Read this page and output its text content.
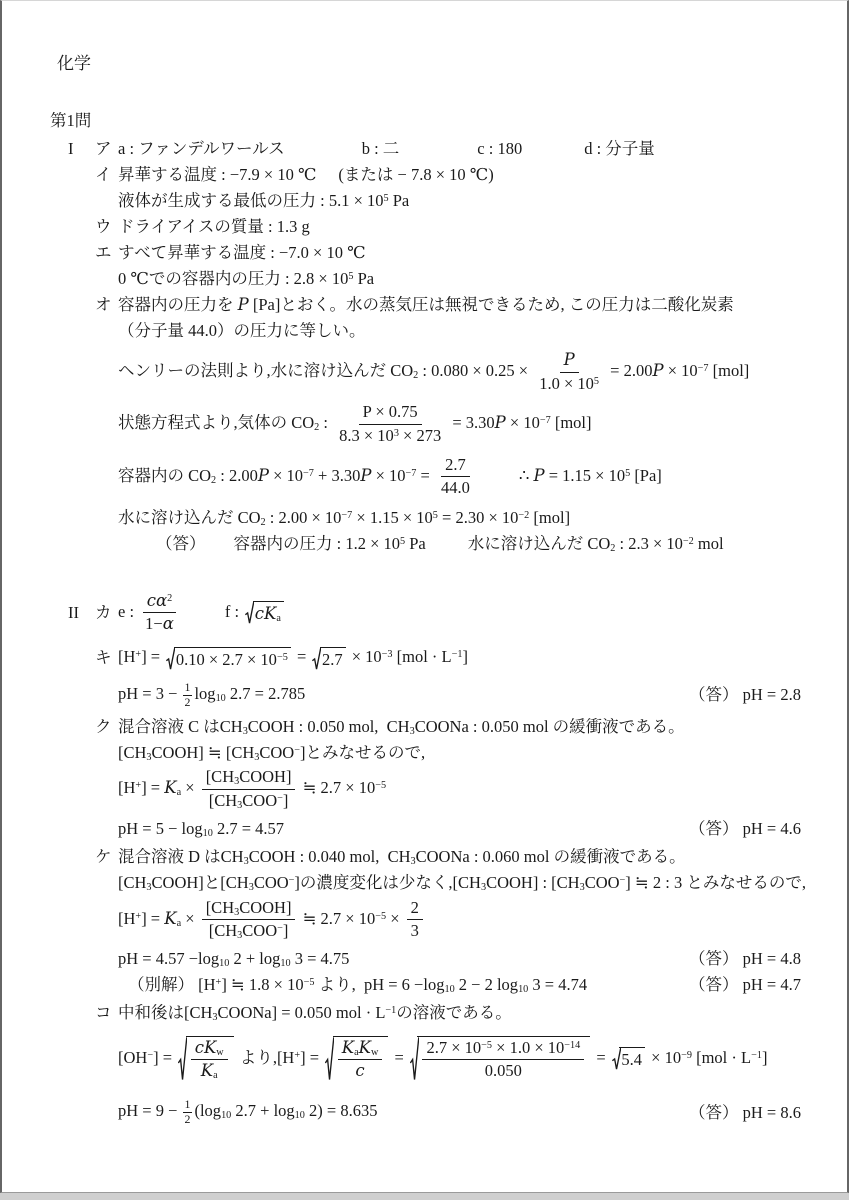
化学
第1問
I	ア a : ファンデルワールス	b : 二	c : 180	d : 分子量
イ 昇華する温度 : −7.9 × 10 ℃ (または − 7.8 × 10 ℃)
液体が生成する最低の圧力 : $5.1 \times 10^5$ Pa
ウ ドライアイスの質量 : 1.3 g
エ すべて昇華する温度 : −7.0 × 10 ℃
0 ℃での容器内の圧力 : $2.8 \times 10^5$ Pa
オ 容器内の圧力を P [Pa]とおく。水の蒸気圧は無視できるため, この圧力は二酸化炭素
（分子量 44.0）の圧力に等しい。
ヘンリーの法則より,水に溶け込んだ CO2 : $0.080 \times 0.25 \times \frac{P}{1.0 \times 10^5} = 2.00P \times 10^{-7}$ [mol]
状態方程式より,気体の CO2 : $\frac{P \times 0.75}{8.3 \times 10^3 \times 273} = 3.30P \times 10^{-7}$ [mol]
容器内の CO2 : $2.00P \times 10^{-7} + 3.30P \times 10^{-7} = \frac{2.7}{44.0}$	∴ $P = 1.15 \times 10^5$ [Pa]
水に溶け込んだ CO2 : $2.00 \times 10^{-7} \times 1.15 \times 10^5 = 2.30 \times 10^{-2}$ [mol]
（答） 容器内の圧力 : $1.2 \times 10^5$ Pa	水に溶け込んだ CO2 : $2.3 \times 10^{-2}$ mol
II カ e : $\frac{c\alpha^2}{1-\alpha}$	f : cKa
キ $[H^+] = 0.10 \times 2.7 \times 10^{-5} = 2.7 \times 10^{-3}$ $[mol \cdot L^{-1}]$
pH = $3 - \frac{1}{2} \log 10$ 2.7 = 2.785	（答） pH = 2.8
ク 混合溶液 C はCH3COOH : 0.050 mol,  CH3COONa : 0.050 mol の緩衝液である。
[CH3COOH] ≒ [CH3COO−]とみなせるので,
$[H^+] = Ka \times \frac{\text{[CH3COOH]}}{[CH3COO^-]}$ ≒ $2.7 \times 10^{-5}$
pH = 5 − log10 2.7 = 4.57	（答） pH = 4.6
ケ 混合溶液 D はCH3COOH : 0.040 mol,  CH3COONa : 0.060 mol の緩衝液である。
[CH3COOH]と[CH3COO−]の濃度変化は少なく,[CH3COOH] : [CH3COO−] ≒ 2 : 3 とみなせるので,
$[H^+] = Ka \times \frac{\text{[CH3COOH]}}{[CH3COO^-]}$ ≒ $2.7 \times 10^{-5} \times \frac{2}{3}$
pH = 4.57 −log10 2 + log10 3 = 4.75	（答） pH = 4.8
（別解） [H+] ≒ $1.8 \times 10^{-5}$ より,  pH = 6 −log10 2 − 2 log10 3 = 4.74	（答） pH = 4.7
コ 中和後は[CH3COONa] = 0.050 mol · $L^{-1}$の溶液である。
$[OH^-] = \frac{\text{cKw}}{Ka}$ より$,[H^+] = \frac{\text{KaKw}}{c} = \frac{2.7 \times 10^{-5} \times 1.0 \times 10^{-14}}{0.050} = 5.4 \times 10^{-9}$ $[mol \cdot L^{-1}]$
pH = $9 - \frac{1}{2} (\log 10$ 2.7 + log10 2) = 8.635	（答） pH = 8.6
